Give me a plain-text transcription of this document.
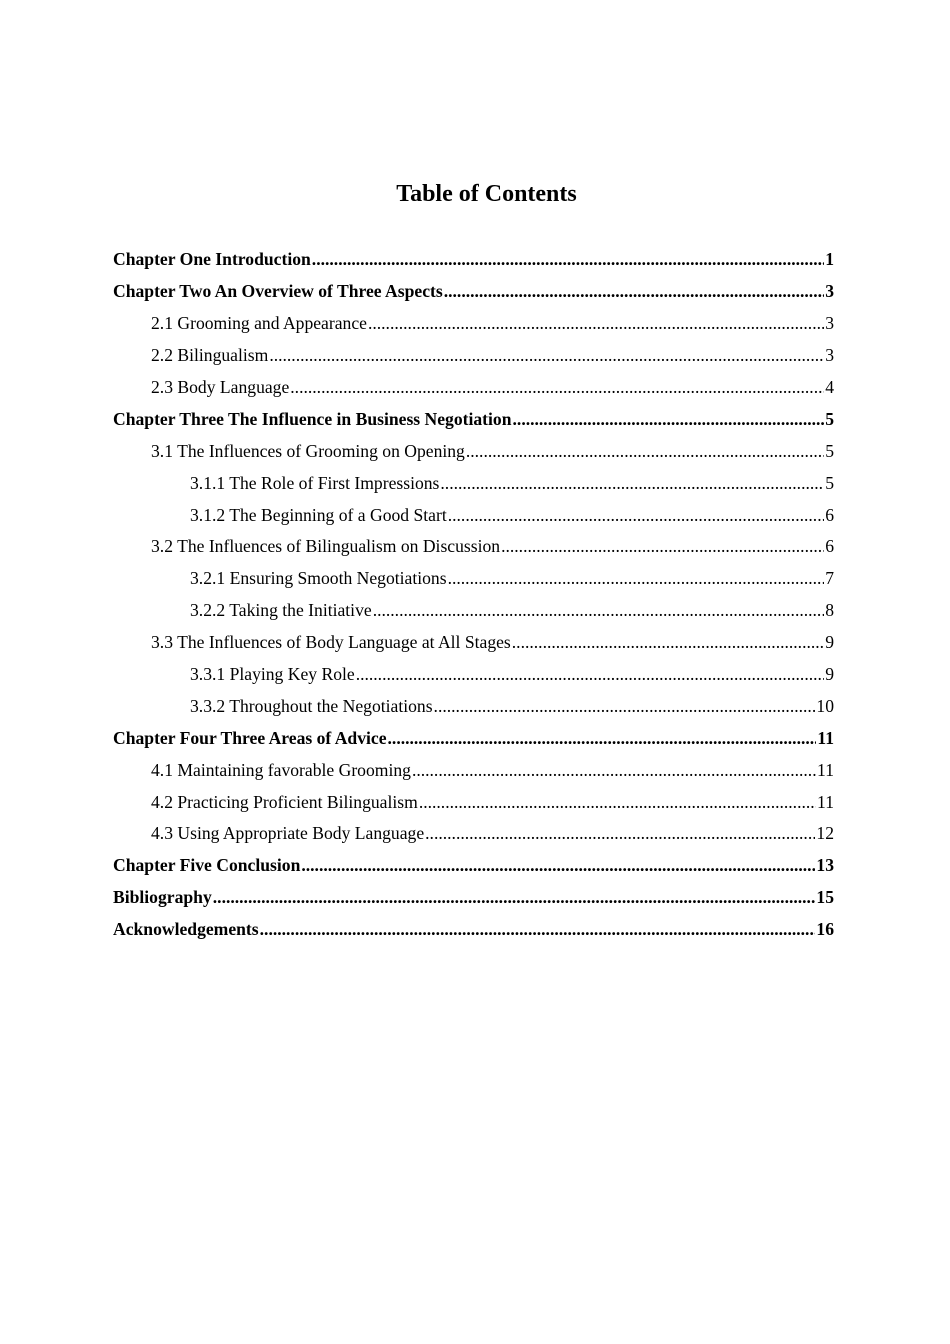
Table of Contents
Chapter One Introduction .....	1
Chapter Two An Overview of Three Aspects .....	3
2.1 Grooming and Appearance .....	3
2.2 Bilingualism .....	3
2.3 Body Language .....	4
Chapter Three The Influence in Business Negotiation .....	5
3.1 The Influences of Grooming on Opening .....	5
3.1.1 The Role of First Impressions .....	5
3.1.2 The Beginning of a Good Start .....	6
3.2 The Influences of Bilingualism on Discussion .....	6
3.2.1 Ensuring Smooth Negotiations .....	7
3.2.2 Taking the Initiative .....	8
3.3 The Influences of Body Language at All Stages .....	9
3.3.1 Playing Key Role .....	9
3.3.2 Throughout the Negotiations .....	10
Chapter Four Three Areas of Advice .....	11
4.1 Maintaining favorable Grooming .....	11
4.2 Practicing Proficient Bilingualism .....	11
4.3 Using Appropriate Body Language .....	12
Chapter Five Conclusion .....	13
Bibliography .....	15
Acknowledgements .....	16
